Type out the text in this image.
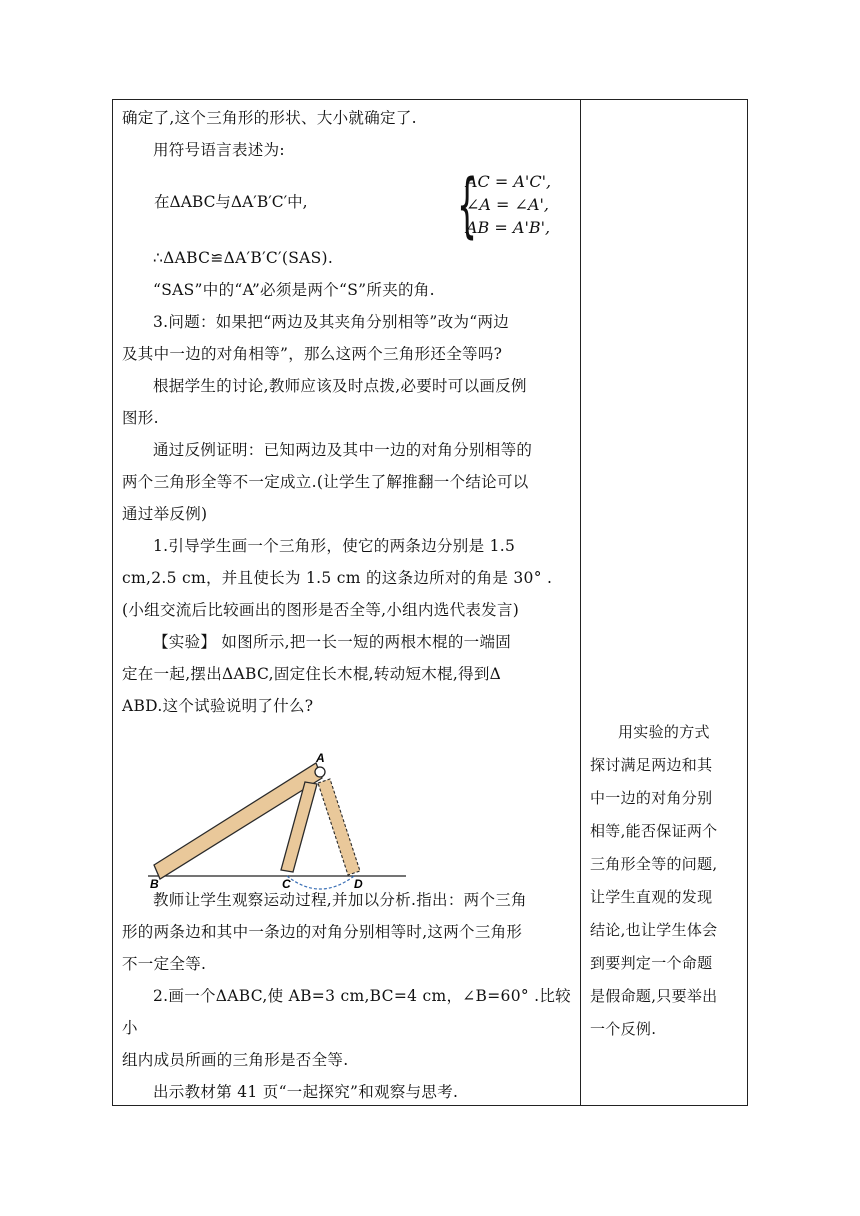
确定了,这个三角形的形状、大小就确定了.

用符号语言表述为:

∴ΔABC≌ΔA′B′C′(SAS).

“SAS”中的“A”必须是两个“S”所夹的角.

3.问题：如果把“两边及其夹角分别相等”改为“两边

及其中一边的对角相等”，那么这两个三角形还全等吗?

根据学生的讨论,教师应该及时点拨,必要时可以画反例

图形.

通过反例证明：已知两边及其中一边的对角分别相等的

两个三角形全等不一定成立.(让学生了解推翻一个结论可以

通过举反例)

1.引导学生画一个三角形，使它的两条边分别是 1.5

cm,2.5 cm，并且使长为 1.5 cm 的这条边所对的角是 30° .

(小组交流后比较画出的图形是否全等,小组内选代表发言)

【实验】 如图所示,把一长一短的两根木棍的一端固

定在一起,摆出ΔABC,固定住长木棍,转动短木棍,得到Δ

ABD.这个试验说明了什么?

教师让学生观察运动过程,并加以分析.指出：两个三角

形的两条边和其中一条边的对角分别相等时,这两个三角形

不一定全等.

2.画一个ΔABC,使 AB=3 cm,BC=4 cm，∠B=60° .比较小

组内成员所画的三角形是否全等.

出示教材第 41 页“一起探究”和观察与思考.

在ΔABC与ΔA′B′C′中, {
AC = A'C',
∠A = ∠A',
AB = A'B',
A
B	C	D

用实验的方式

探讨满足两边和其

中一边的对角分别

相等,能否保证两个

三角形全等的问题,

让学生直观的发现

结论,也让学生体会

到要判定一个命题

是假命题,只要举出

一个反例.
